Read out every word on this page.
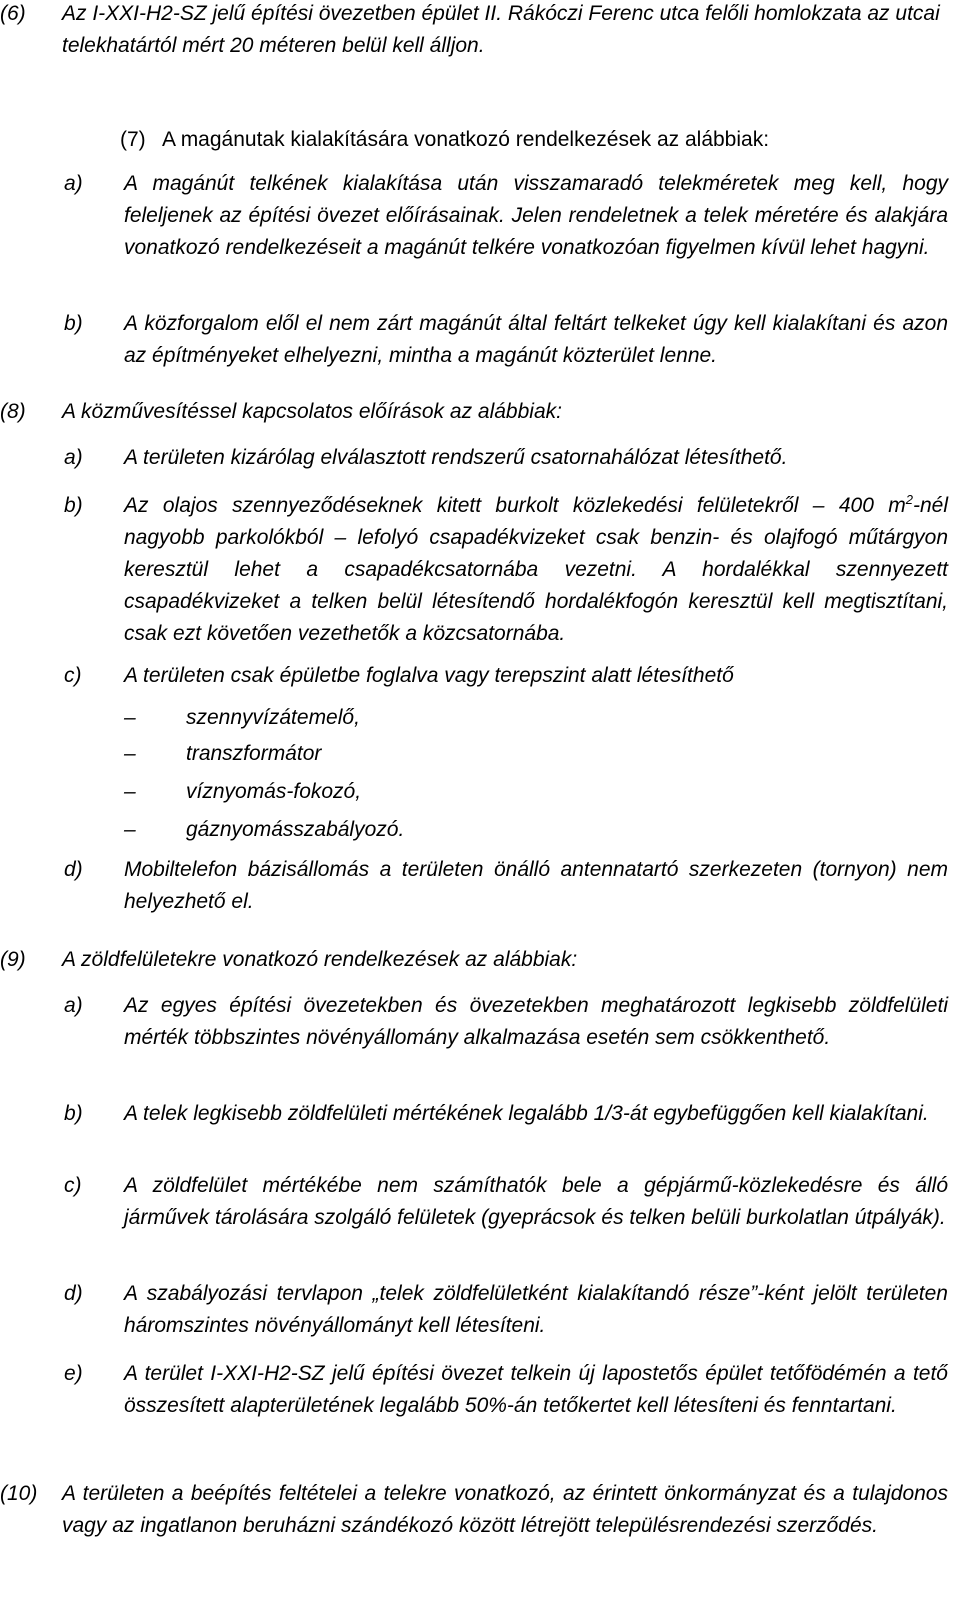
(6) Az I-XXI-H2-SZ jelű építési övezetben épület II. Rákóczi Ferenc utca felőli homlokzata az utcai telekhatártól mért 20 méteren belül kell álljon.
(7)   A magánutak kialakítására vonatkozó rendelkezések az alábbiak:
a) A magánút telkének kialakítása után visszamaradó telekméretek meg kell, hogy feleljenek az építési övezet előírásainak. Jelen rendeletnek a telek méretére és alakjára vonatkozó rendelkezéseit a magánút telkére vonatkozóan figyelmen kívül lehet hagyni.
b) A közforgalom elől el nem zárt magánút által feltárt telkeket úgy kell kialakítani és azon az építményeket elhelyezni, mintha a magánút közterület lenne.
(8) A közművesítéssel kapcsolatos előírások az alábbiak:
a) A területen kizárólag elválasztott rendszerű csatornahálózat létesíthető.
b) Az olajos szennyeződéseknek kitett burkolt közlekedési felületekről – 400 $m^2$-nél nagyobb parkolókból – lefolyó csapadékvizeket csak benzin- és olajfogó műtárgyon keresztül lehet a csapadékcsatornába vezetni. A hordalékkal szennyezett csapadékvizeket a telken belül létesítendő hordalékfogón keresztül kell megtisztítani, csak ezt követően vezethetők a közcsatornába.
c) A területen csak épületbe foglalva vagy terepszint alatt létesíthető
– szennyvízátemelő,
– transzformátor
– víznyomás-fokozó,
– gáznyomásszabályozó.
d) Mobiltelefon bázisállomás a területen önálló antennatartó szerkezeten (tornyon) nem helyezhető el.
(9) A zöldfelületekre vonatkozó rendelkezések az alábbiak:
a) Az egyes építési övezetekben és övezetekben meghatározott legkisebb zöldfelületi mérték többszintes növényállomány alkalmazása esetén sem csökkenthető.
b) A telek legkisebb zöldfelületi mértékének legalább 1/3-át egybefüggően kell kialakítani.
c) A zöldfelület mértékébe nem számíthatók bele a gépjármű-közlekedésre és álló járművek tárolására szolgáló felületek (gyeprácsok és telken belüli burkolatlan útpályák).
d) A szabályozási tervlapon „telek zöldfelületként kialakítandó része”-ként jelölt területen háromszintes növényállományt kell létesíteni.
e) A terület I-XXI-H2-SZ jelű építési övezet telkein új lapostetős épület tetőfödémén a tető összesített alapterületének legalább 50%-án tetőkertet kell létesíteni és fenntartani.
(10) A területen a beépítés feltételei a telekre vonatkozó, az érintett önkormányzat és a tulajdonos vagy az ingatlanon beruházni szándékozó között létrejött településrendezési szerződés.
